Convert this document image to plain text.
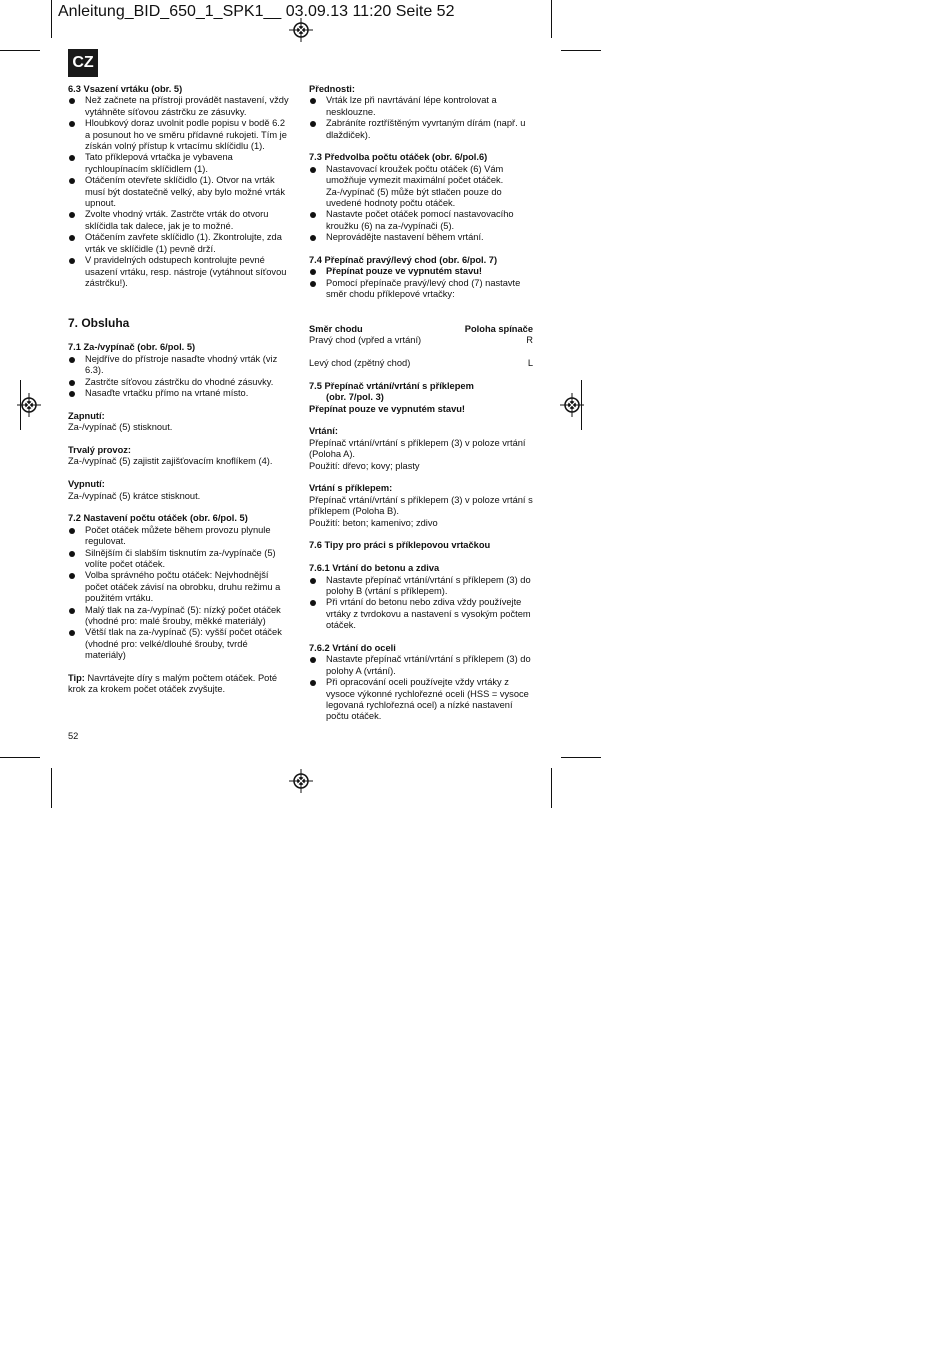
Anleitung_BID_650_1_SPK1__ 03.09.13 11:20 Seite 52
CZ
6.3 Vsazení vrtáku (obr. 5)
Než začnete na přístroji provádět nastavení, vždy vytáhněte síťovou zástrčku ze zásuvky.
Hloubkový doraz uvolnit podle popisu v bodě 6.2 a posunout ho ve směru přídavné rukojeti. Tím je získán volný přístup k vrtacímu sklíčidlu (1).
Tato příklepová vrtačka je vybavena rychloupínacím sklíčidlem (1).
Otáčením otevřete sklíčidlo (1). Otvor na vrták musí být dostatečně velký, aby bylo možné vrták upnout.
Zvolte vhodný vrták. Zastrčte vrták do otvoru sklíčidla tak dalece, jak je to možné.
Otáčením zavřete sklíčidlo (1). Zkontrolujte, zda vrták ve sklíčidle (1) pevně drží.
V pravidelných odstupech kontrolujte pevné usazení vrtáku, resp. nástroje (vytáhnout síťovou zástrčku!).
7. Obsluha
7.1 Za-/vypínač (obr. 6/pol. 5)
Nejdříve do přístroje nasaďte vhodný vrták (viz 6.3).
Zastrčte síťovou zástrčku do vhodné zásuvky.
Nasaďte vrtačku přímo na vrtané místo.
Zapnutí:
Za-/vypínač (5) stisknout.
Trvalý provoz:
Za-/vypínač (5) zajistit zajišťovacím knoflíkem (4).
Vypnutí:
Za-/vypínač (5) krátce stisknout.
7.2 Nastavení počtu otáček (obr. 6/pol. 5)
Počet otáček můžete během provozu plynule regulovat.
Silnějším či slabším tisknutím za-/vypínače (5) volíte počet otáček.
Volba správného počtu otáček: Nejvhodnější počet otáček závisí na obrobku, druhu režimu a použitém vrtáku.
Malý tlak na za-/vypínač (5): nízký počet otáček (vhodné pro: malé šrouby, měkké materiály)
Větší tlak na za-/vypínač (5): vyšší počet otáček (vhodné pro: velké/dlouhé šrouby, tvrdé materiály)
Tip: Navrtávejte díry s malým počtem otáček. Poté krok za krokem počet otáček zvyšujte.
Přednosti:
Vrták lze při navrtávání lépe kontrolovat a nesklouzne.
Zabráníte roztříštěným vyvrtaným dírám (např. u dlaždiček).
7.3 Předvolba počtu otáček (obr. 6/pol.6)
Nastavovací kroužek počtu otáček (6) Vám umožňuje vymezit maximální počet otáček. Za-/vypínač (5) může být stlačen pouze do uvedené hodnoty počtu otáček.
Nastavte počet otáček pomocí nastavovacího kroužku (6) na za-/vypínači (5).
Neprovádějte nastavení během vrtání.
7.4 Přepínač pravý/levý chod (obr. 6/pol. 7)
Přepínat pouze ve vypnutém stavu!
Pomocí přepínače pravý/levý chod (7) nastavte směr chodu příklepové vrtačky:
Směr chodu	Poloha spínače
Pravý chod (vpřed a vrtání)	R
Levý chod (zpětný chod)	L
7.5 Přepínač vrtání/vrtání s příklepem
(obr. 7/pol. 3)
Přepínat pouze ve vypnutém stavu!
Vrtání:
Přepínač vrtání/vrtání s příklepem (3) v poloze vrtání (Poloha A).
Použití: dřevo; kovy; plasty
Vrtání s příklepem:
Přepínač vrtání/vrtání s příklepem (3) v poloze vrtání s příklepem (Poloha B).
Použití: beton; kamenivo; zdivo
7.6 Tipy pro práci s příklepovou vrtačkou
7.6.1 Vrtání do betonu a zdiva
Nastavte přepínač vrtání/vrtání s příklepem (3) do polohy B (vrtání s příklepem).
Při vrtání do betonu nebo zdiva vždy používejte vrtáky z tvrdokovu a nastavení s vysokým počtem otáček.
7.6.2 Vrtání do oceli
Nastavte přepínač vrtání/vrtání s příklepem (3) do polohy A (vrtání).
Při opracování oceli používejte vždy vrtáky z vysoce výkonné rychlořezné oceli (HSS = vysoce legovaná rychlořezná ocel) a nízké nastavení počtu otáček.
52
